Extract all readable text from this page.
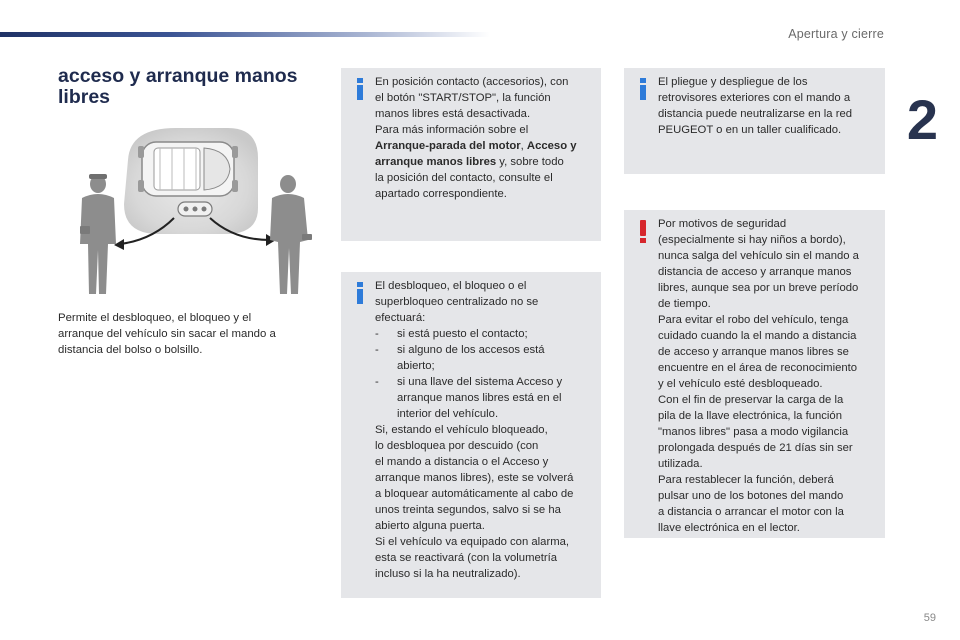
Apertura y cierre
2
59
acceso y arranque manos
libres

Permite el desbloqueo, el bloqueo y el
arranque del vehículo sin sacar el mando a
distancia del bolso o bolsillo.

En posición contacto (accesorios), con
el botón "START/STOP", la función
manos libres está desactivada.
Para más información sobre el
Arranque-parada del motor, Acceso y
arranque manos libres y, sobre todo
la posición del contacto, consulte el
apartado correspondiente.
El desbloqueo, el bloqueo o el
superbloqueo centralizado no se
efectuará:
- si está puesto el contacto;
- si alguno de los accesos está
abierto;
- si una llave del sistema Acceso y
arranque manos libres está en el
interior del vehículo.
Si, estando el vehículo bloqueado,
lo desbloquea por descuido (con
el mando a distancia o el Acceso y
arranque manos libres), este se volverá
a bloquear automáticamente al cabo de
unos treinta segundos, salvo si se ha
abierto alguna puerta.
Si el vehículo va equipado con alarma,
esta se reactivará (con la volumetría
incluso si la ha neutralizado).
El pliegue y despliegue de los
retrovisores exteriores con el mando a
distancia puede neutralizarse en la red
PEUGEOT o en un taller cualificado.
Por motivos de seguridad
(especialmente si hay niños a bordo),
nunca salga del vehículo sin el mando a
distancia de acceso y arranque manos
libres, aunque sea por un breve período
de tiempo.
Para evitar el robo del vehículo, tenga
cuidado cuando la el mando a distancia
de acceso y arranque manos libres se
encuentre en el área de reconocimiento
y el vehículo esté desbloqueado.
Con el fin de preservar la carga de la
pila de la llave electrónica, la función
"manos libres" pasa a modo vigilancia
prolongada después de 21 días sin ser
utilizada.
Para restablecer la función, deberá
pulsar uno de los botones del mando
a distancia o arrancar el motor con la
llave electrónica en el lector.
